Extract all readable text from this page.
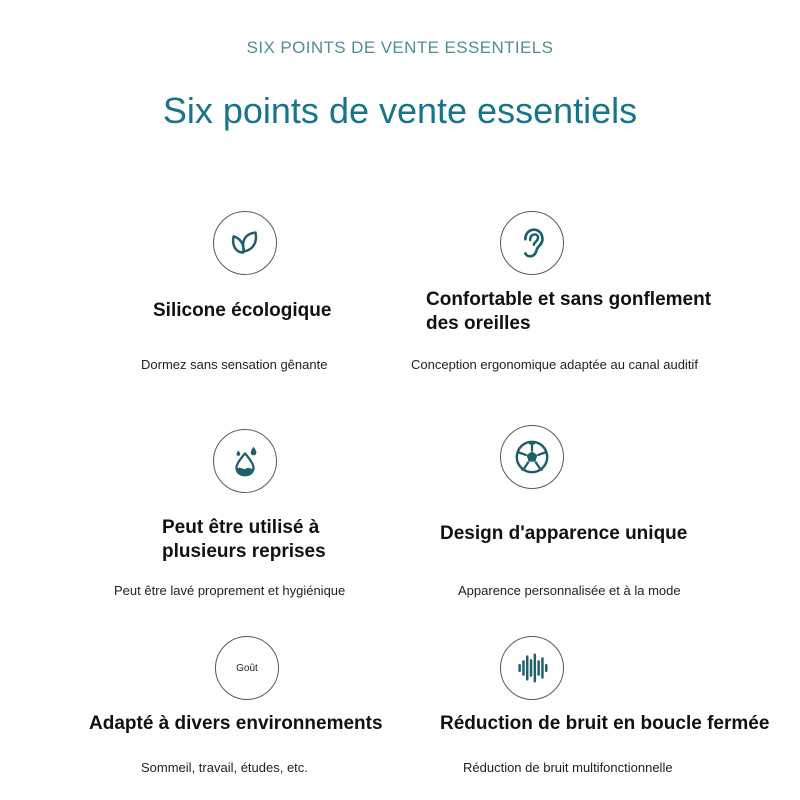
SIX POINTS DE VENTE ESSENTIELS
Six points de vente essentiels
Silicone écologique
Dormez sans sensation gênante
Confortable et sans gonflement
des oreilles
Conception ergonomique adaptée au canal auditif
Peut être utilisé à
plusieurs reprises
Peut être lavé proprement et hygiénique
Design d'apparence unique
Apparence personnalisée et à la mode
Goût
Adapté à divers environnements
Sommeil, travail, études, etc.
Réduction de bruit en boucle fermée
Réduction de bruit multifonctionnelle
